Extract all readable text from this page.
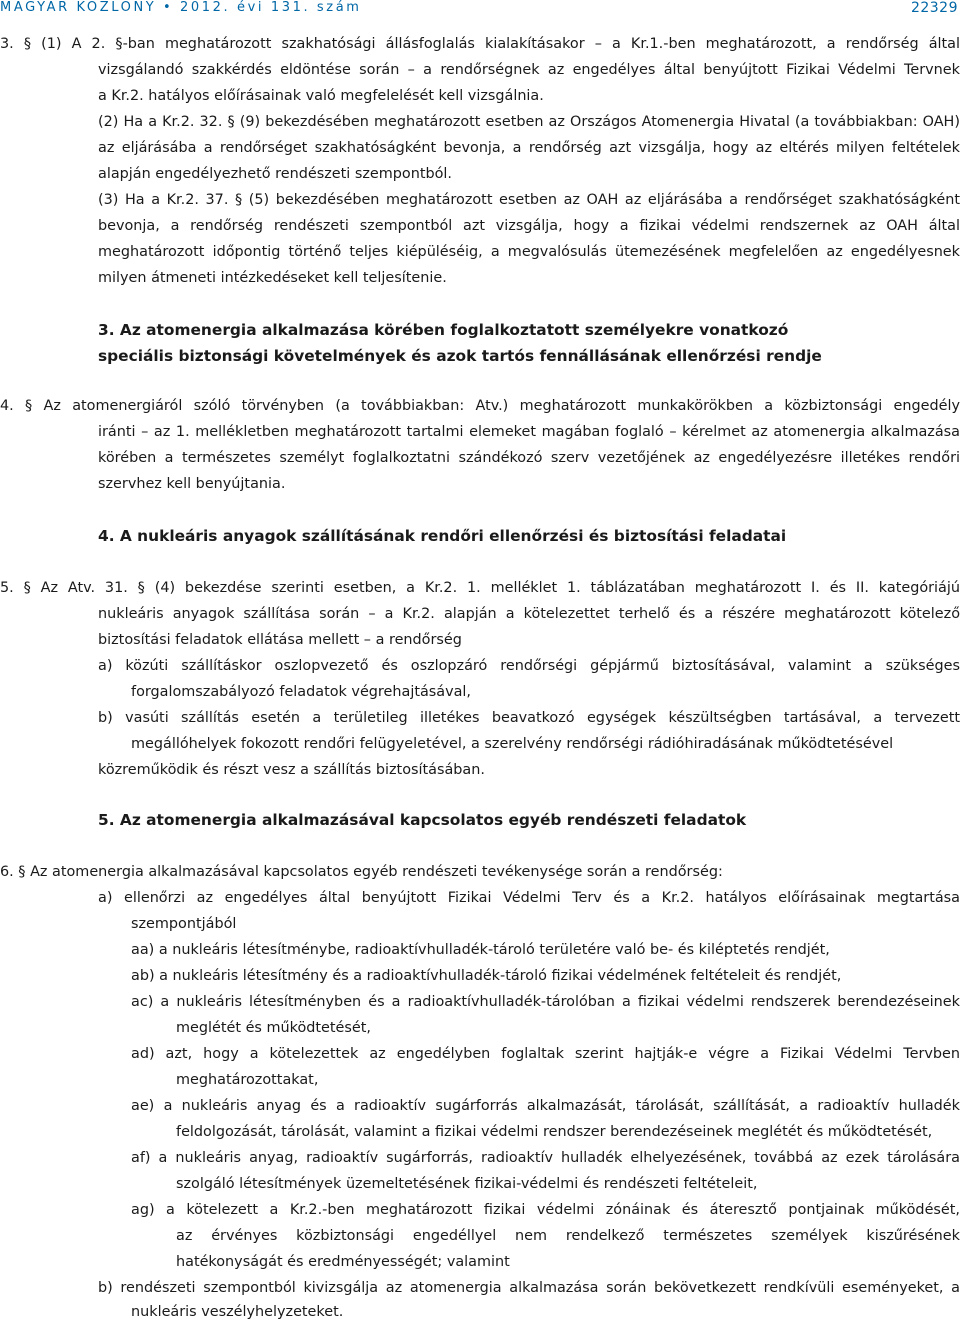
MAGYAR KÖZLÖNY • 2012. évi 131. szám	22329
3. § (1) A 2. §-ban meghatározott szakhatósági állásfoglalás kialakításakor – a Kr.1.-ben meghatározott, a rendőrség által
vizsgálandó szakkérdés eldöntése során – a rendőrségnek az engedélyes által benyújtott Fizikai Védelmi Tervnek
a Kr.2. hatályos előírásainak való megfelelését kell vizsgálnia.
(2) Ha a Kr.2. 32. § (9) bekezdésében meghatározott esetben az Országos Atomenergia Hivatal (a továbbiakban: OAH)
az eljárásába a rendőrséget szakhatóságként bevonja, a rendőrség azt vizsgálja, hogy az eltérés milyen feltételek
alapján engedélyezhető rendészeti szempontból.
(3) Ha a Kr.2. 37. § (5) bekezdésében meghatározott esetben az OAH az eljárásába a rendőrséget szakhatóságként
bevonja, a rendőrség rendészeti szempontból azt vizsgálja, hogy a fizikai védelmi rendszernek az OAH által
meghatározott időpontig történő teljes kiépüléséig, a megvalósulás ütemezésének megfelelően az engedélyesnek
milyen átmeneti intézkedéseket kell teljesítenie.
3. Az atomenergia alkalmazása körében foglalkoztatott személyekre vonatkozó
speciális biztonsági követelmények és azok tartós fennállásának ellenőrzési rendje
4. § Az atomenergiáról szóló törvényben (a továbbiakban: Atv.) meghatározott munkakörökben a közbiztonsági engedély
iránti – az 1. mellékletben meghatározott tartalmi elemeket magában foglaló – kérelmet az atomenergia alkalmazása
körében a természetes személyt foglalkoztatni szándékozó szerv vezetőjének az engedélyezésre illetékes rendőri
szervhez kell benyújtania.
4. A nukleáris anyagok szállításának rendőri ellenőrzési és biztosítási feladatai
5. § Az Atv. 31. § (4) bekezdése szerinti esetben, a Kr.2. 1. melléklet 1. táblázatában meghatározott I. és II. kategóriájú
nukleáris anyagok szállítása során – a Kr.2. alapján a kötelezettet terhelő és a részére meghatározott kötelező
biztosítási feladatok ellátása mellett – a rendőrség
a) közúti szállításkor oszlopvezető és oszlopzáró rendőrségi gépjármű biztosításával, valamint a szükséges
forgalomszabályozó feladatok végrehajtásával,
b) vasúti szállítás esetén a területileg illetékes beavatkozó egységek készültségben tartásával, a tervezett
megállóhelyek fokozott rendőri felügyeletével, a szerelvény rendőrségi rádióhiradásának működtetésével
közreműködik és részt vesz a szállítás biztosításában.
5. Az atomenergia alkalmazásával kapcsolatos egyéb rendészeti feladatok
6. § Az atomenergia alkalmazásával kapcsolatos egyéb rendészeti tevékenysége során a rendőrség:
a) ellenőrzi az engedélyes által benyújtott Fizikai Védelmi Terv és a Kr.2. hatályos előírásainak megtartása
szempontjából
aa) a nukleáris létesítménybe, radioaktívhulladék-tároló területére való be- és kiléptetés rendjét,
ab) a nukleáris létesítmény és a radioaktívhulladék-tároló fizikai védelmének feltételeit és rendjét,
ac) a nukleáris létesítményben és a radioaktívhulladék-tárolóban a fizikai védelmi rendszerek berendezéseinek
meglétét és működtetését,
ad) azt, hogy a kötelezettek az engedélyben foglaltak szerint hajtják-e végre a Fizikai Védelmi Tervben
meghatározottakat,
ae) a nukleáris anyag és a radioaktív sugárforrás alkalmazását, tárolását, szállítását, a radioaktív hulladék
feldolgozását, tárolását, valamint a fizikai védelmi rendszer berendezéseinek meglétét és működtetését,
af) a nukleáris anyag, radioaktív sugárforrás, radioaktív hulladék elhelyezésének, továbbá az ezek tárolására
szolgáló létesítmények üzemeltetésének fizikai-védelmi és rendészeti feltételeit,
ag) a kötelezett a Kr.2.-ben meghatározott fizikai védelmi zónáinak és áteresztő pontjainak működését,
az érvényes közbiztonsági engedéllyel nem rendelkező természetes személyek kiszűrésének
hatékonyságát és eredményességét; valamint
b) rendészeti szempontból kivizsgálja az atomenergia alkalmazása során bekövetkezett rendkívüli eseményeket, a
nukleáris veszélyhelyzeteket.
